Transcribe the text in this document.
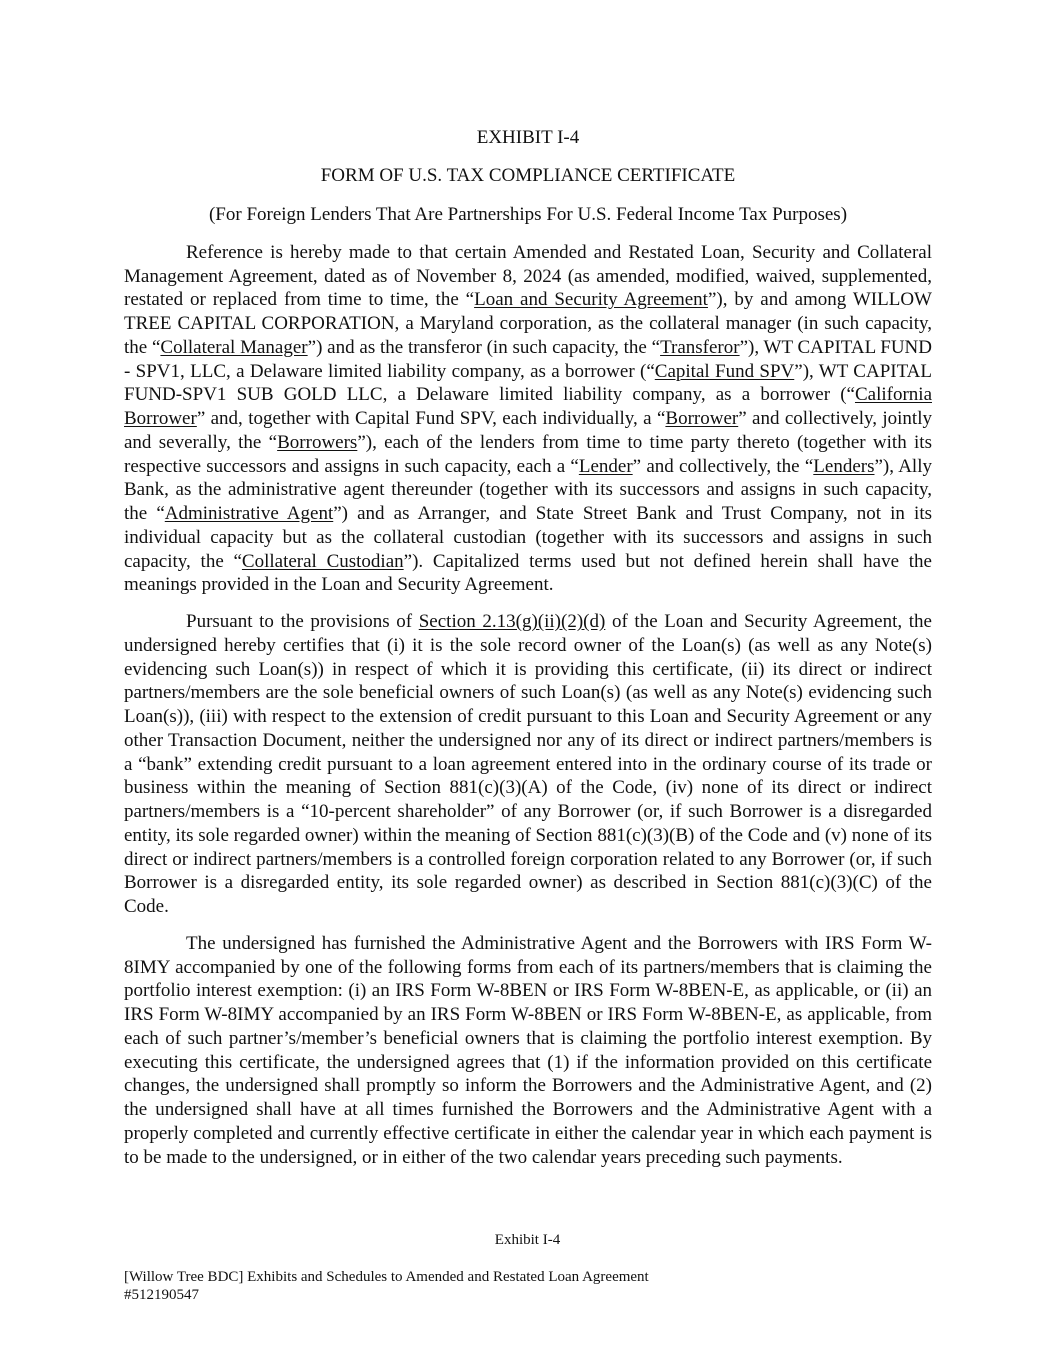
EXHIBIT I-4

FORM OF U.S. TAX COMPLIANCE CERTIFICATE

(For Foreign Lenders That Are Partnerships For U.S. Federal Income Tax Purposes)

Reference is hereby made to that certain Amended and Restated Loan, Security and Collateral Management Agreement, dated as of November 8, 2024 (as amended, modified, waived, supplemented, restated or replaced from time to time, the “Loan and Security Agreement”), by and among WILLOW TREE CAPITAL CORPORATION, a Maryland corporation, as the collateral manager (in such capacity, the “Collateral Manager”) and as the transferor (in such capacity, the “Transferor”), WT CAPITAL FUND - SPV1, LLC, a Delaware limited liability company, as a borrower (“Capital Fund SPV”), WT CAPITAL FUND-SPV1 SUB GOLD LLC, a Delaware limited liability company, as a borrower (“California Borrower” and, together with Capital Fund SPV, each individually, a “Borrower” and collectively, jointly and severally, the “Borrowers”), each of the lenders from time to time party thereto (together with its respective successors and assigns in such capacity, each a “Lender” and collectively, the “Lenders”), Ally Bank, as the administrative agent thereunder (together with its successors and assigns in such capacity, the “Administrative Agent”) and as Arranger, and State Street Bank and Trust Company, not in its individual capacity but as the collateral custodian (together with its successors and assigns in such capacity, the “Collateral Custodian”). Capitalized terms used but not defined herein shall have the meanings provided in the Loan and Security Agreement.

Pursuant to the provisions of Section 2.13(g)(ii)(2)(d) of the Loan and Security Agreement, the undersigned hereby certifies that (i) it is the sole record owner of the Loan(s) (as well as any Note(s) evidencing such Loan(s)) in respect of which it is providing this certificate, (ii) its direct or indirect partners/members are the sole beneficial owners of such Loan(s) (as well as any Note(s) evidencing such Loan(s)), (iii) with respect to the extension of credit pursuant to this Loan and Security Agreement or any other Transaction Document, neither the undersigned nor any of its direct or indirect partners/members is a “bank” extending credit pursuant to a loan agreement entered into in the ordinary course of its trade or business within the meaning of Section 881(c)(3)(A) of the Code, (iv) none of its direct or indirect partners/members is a “10-percent shareholder” of any Borrower (or, if such Borrower is a disregarded entity, its sole regarded owner) within the meaning of Section 881(c)(3)(B) of the Code and (v) none of its direct or indirect partners/members is a controlled foreign corporation related to any Borrower (or, if such Borrower is a disregarded entity, its sole regarded owner) as described in Section 881(c)(3)(C) of the Code.

The undersigned has furnished the Administrative Agent and the Borrowers with IRS Form W-8IMY accompanied by one of the following forms from each of its partners/members that is claiming the portfolio interest exemption: (i) an IRS Form W-8BEN or IRS Form W-8BEN-E, as applicable, or (ii) an IRS Form W-8IMY accompanied by an IRS Form W-8BEN or IRS Form W-8BEN-E, as applicable, from each of such partner’s/member’s beneficial owners that is claiming the portfolio interest exemption. By executing this certificate, the undersigned agrees that (1) if the information provided on this certificate changes, the undersigned shall promptly so inform the Borrowers and the Administrative Agent, and (2) the undersigned shall have at all times furnished the Borrowers and the Administrative Agent with a properly completed and currently effective certificate in either the calendar year in which each payment is to be made to the undersigned, or in either of the two calendar years preceding such payments.

Exhibit I-4
[Willow Tree BDC] Exhibits and Schedules to Amended and Restated Loan Agreement
#512190547
